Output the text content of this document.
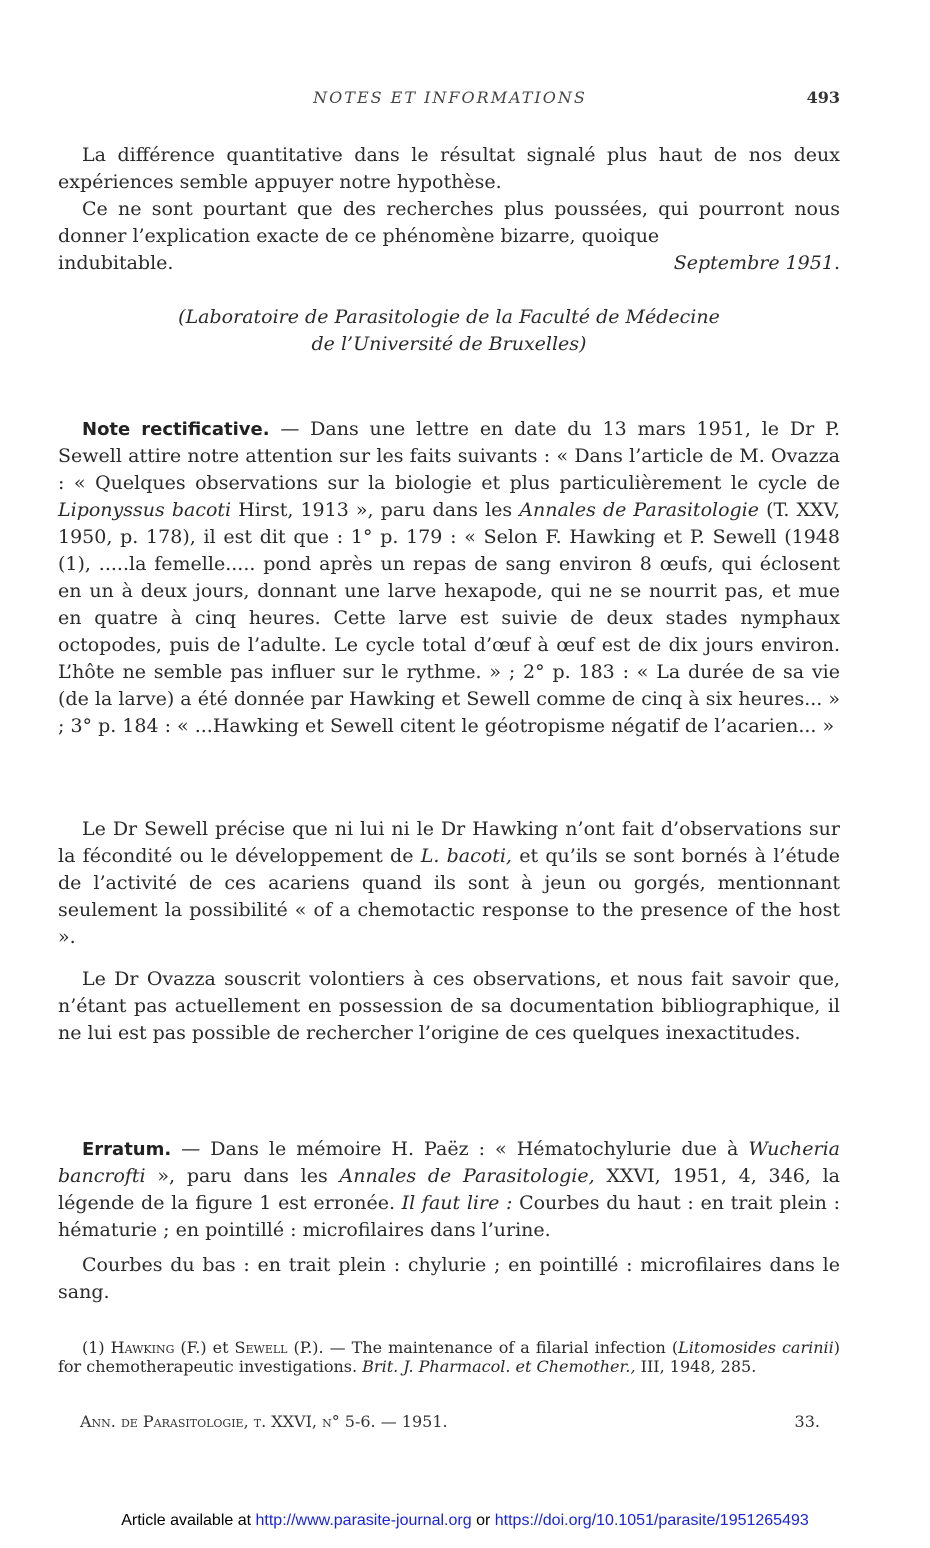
NOTES ET INFORMATIONS	493

La différence quantitative dans le résultat signalé plus haut de nos deux expériences semble appuyer notre hypothèse.

Ce ne sont pourtant que des recherches plus poussées, qui pourront nous donner l’explication exacte de ce phénomène bizarre, quoique
indubitable.	Septembre 1951.
(Laboratoire de Parasitologie de la Faculté de Médecine
de l’Université de Bruxelles)

Note rectificative. — Dans une lettre en date du 13 mars 1951, le Dr P. Sewell attire notre attention sur les faits suivants : « Dans l’article de M. Ovazza : « Quelques observations sur la biologie et plus particulièrement le cycle de Liponyssus bacoti Hirst, 1913 », paru dans les Annales de Parasitologie (T. XXV, 1950, p. 178), il est dit que : 1° p. 179 : « Selon F. Hawking et P. Sewell (1948 (1), .....la femelle..... pond après un repas de sang environ 8 œufs, qui éclosent en un à deux jours, donnant une larve hexapode, qui ne se nourrit pas, et mue en quatre à cinq heures. Cette larve est suivie de deux stades nymphaux octopodes, puis de l’adulte. Le cycle total d’œuf à œuf est de dix jours environ. L’hôte ne semble pas influer sur le rythme. » ; 2° p. 183 : « La durée de sa vie (de la larve) a été donnée par Hawking et Sewell comme de cinq à six heures... » ; 3° p. 184 : « ...Hawking et Sewell citent le géotropisme négatif de l’acarien... »

Le Dr Sewell précise que ni lui ni le Dr Hawking n’ont fait d’observations sur la fécondité ou le développement de L. bacoti, et qu’ils se sont bornés à l’étude de l’activité de ces acariens quand ils sont à jeun ou gorgés, mentionnant seulement la possibilité « of a chemotactic response to the presence of the host ».

Le Dr Ovazza souscrit volontiers à ces observations, et nous fait savoir que, n’étant pas actuellement en possession de sa documentation bibliographique, il ne lui est pas possible de rechercher l’origine de ces quelques inexactitudes.

Erratum. — Dans le mémoire H. Paëz : « Hématochylurie due à Wucheria bancrofti », paru dans les Annales de Parasitologie, XXVI, 1951, 4, 346, la légende de la figure 1 est erronée. Il faut lire : Courbes du haut : en trait plein : hématurie ; en pointillé : microfilaires dans l’urine.

Courbes du bas : en trait plein : chylurie ; en pointillé : microfilaires dans le sang.

(1) Hawking (F.) et Sewell (P.). — The maintenance of a filarial infection (Litomosides carinii) for chemotherapeutic investigations. Brit. J. Pharmacol. et Chemother., III, 1948, 285.

Ann. de Parasitologie, t. XXVI, n° 5-6. — 1951.	33.
Article available at http://www.parasite-journal.org or https://doi.org/10.1051/parasite/1951265493
